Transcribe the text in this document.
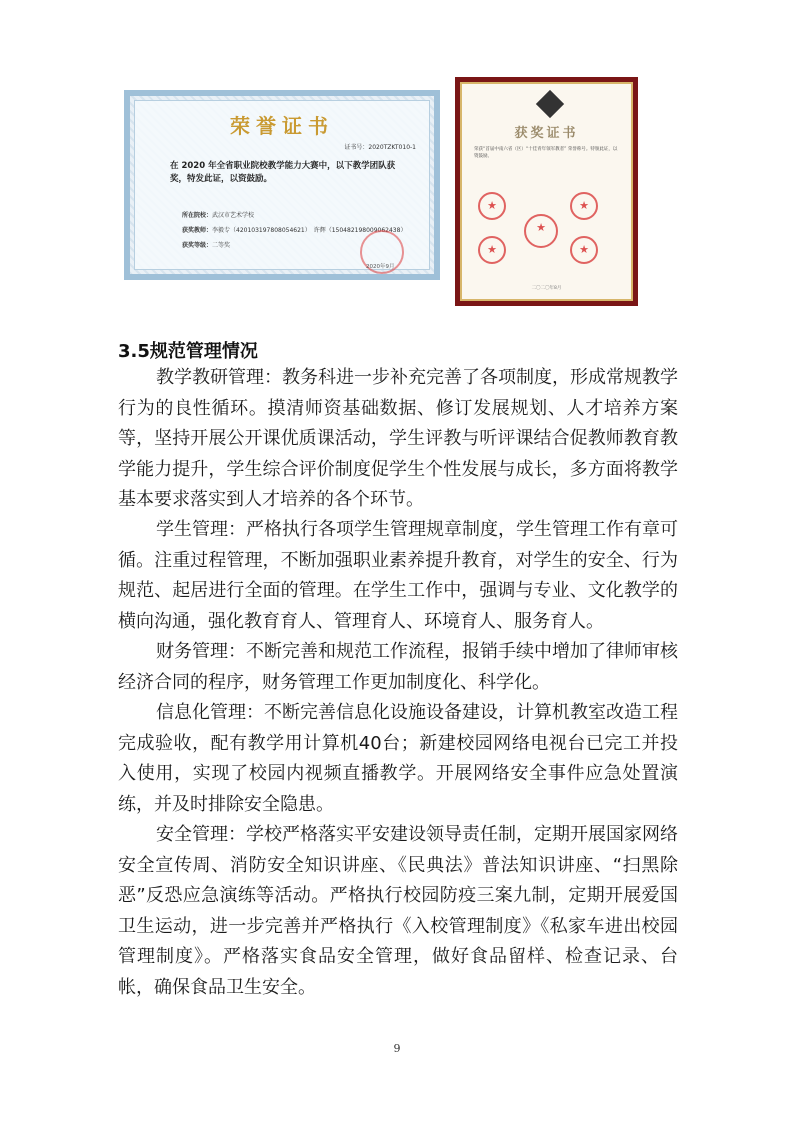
荣誉证书
证书号：2020TZKT010-1
在 2020 年全省职业院校教学能力大赛中，以下教学团队获奖，特发此证，以资鼓励。
所在院校：武汉市艺术学校
获奖教师：李毅专（420103197808054621）　许辉（150482198009062438）
获奖等级：二等奖
2020年9月
获奖证书
荣获“首届中南六省（区）“十佳青年领军教者” 荣誉称号。特颁此证，以资鼓励。
★
★
★
★
★
二〇二〇年8月
3.5规范管理情况

教学教研管理：教务科进一步补充完善了各项制度，形成常规教学行为的良性循环。摸清师资基础数据、修订发展规划、人才培养方案等，坚持开展公开课优质课活动，学生评教与听评课结合促教师教育教学能力提升，学生综合评价制度促学生个性发展与成长，多方面将教学基本要求落实到人才培养的各个环节。

学生管理：严格执行各项学生管理规章制度，学生管理工作有章可循。注重过程管理，不断加强职业素养提升教育，对学生的安全、行为规范、起居进行全面的管理。在学生工作中，强调与专业、文化教学的横向沟通，强化教育育人、管理育人、环境育人、服务育人。

财务管理：不断完善和规范工作流程，报销手续中增加了律师审核经济合同的程序，财务管理工作更加制度化、科学化。

信息化管理：不断完善信息化设施设备建设，计算机教室改造工程完成验收，配有教学用计算机40台；新建校园网络电视台已完工并投入使用，实现了校园内视频直播教学。开展网络安全事件应急处置演练，并及时排除安全隐患。

安全管理：学校严格落实平安建设领导责任制，定期开展国家网络安全宣传周、消防安全知识讲座、《民典法》普法知识讲座、“扫黑除恶”反恐应急演练等活动。严格执行校园防疫三案九制，定期开展爱国卫生运动，进一步完善并严格执行《入校管理制度》《私家车进出校园管理制度》。严格落实食品安全管理，做好食品留样、检查记录、台帐，确保食品卫生安全。

9
